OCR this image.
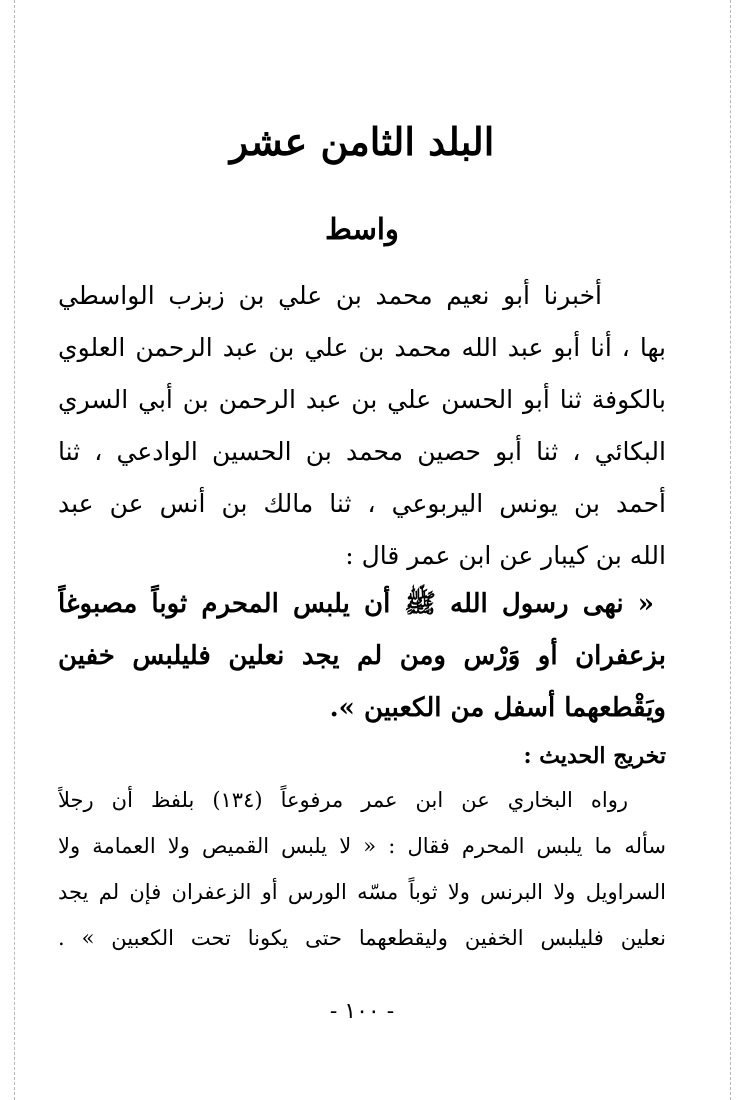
البلد الثامن عشر
واسط
أخبرنا أبو نعيم محمد بن علي بن زبزب الواسطي
بها ، أنا أبو عبد الله محمد بن علي بن عبد الرحمن العلوي
بالكوفة ثنا أبو الحسن علي بن عبد الرحمن بن أبي السري
البكائي ، ثنا أبو حصين محمد بن الحسين الوادعي ، ثنا
أحمد بن يونس اليربوعي ، ثنا مالك بن أنس عن عبد
الله بن كيبار عن ابن عمر قال :
« نهى رسول الله ﷺ أن يلبس المحرم ثوباً مصبوغاً
بزعفران أو وَرْس ومن لم يجد نعلين فليلبس خفين
ويَقْطعهما أسفل من الكعبين ».
تخريج الحديث :
رواه البخاري عن ابن عمر مرفوعاً (١٣٤) بلفظ أن رجلاً
سأله ما يلبس المحرم فقال : « لا يلبس القميص ولا العمامة ولا
السراويل ولا البرنس ولا ثوباً مسّه الورس أو الزعفران فإن لم يجد
نعلين فليلبس الخفين وليقطعهما حتى يكونا تحت الكعبين » .
- ١٠٠ -
